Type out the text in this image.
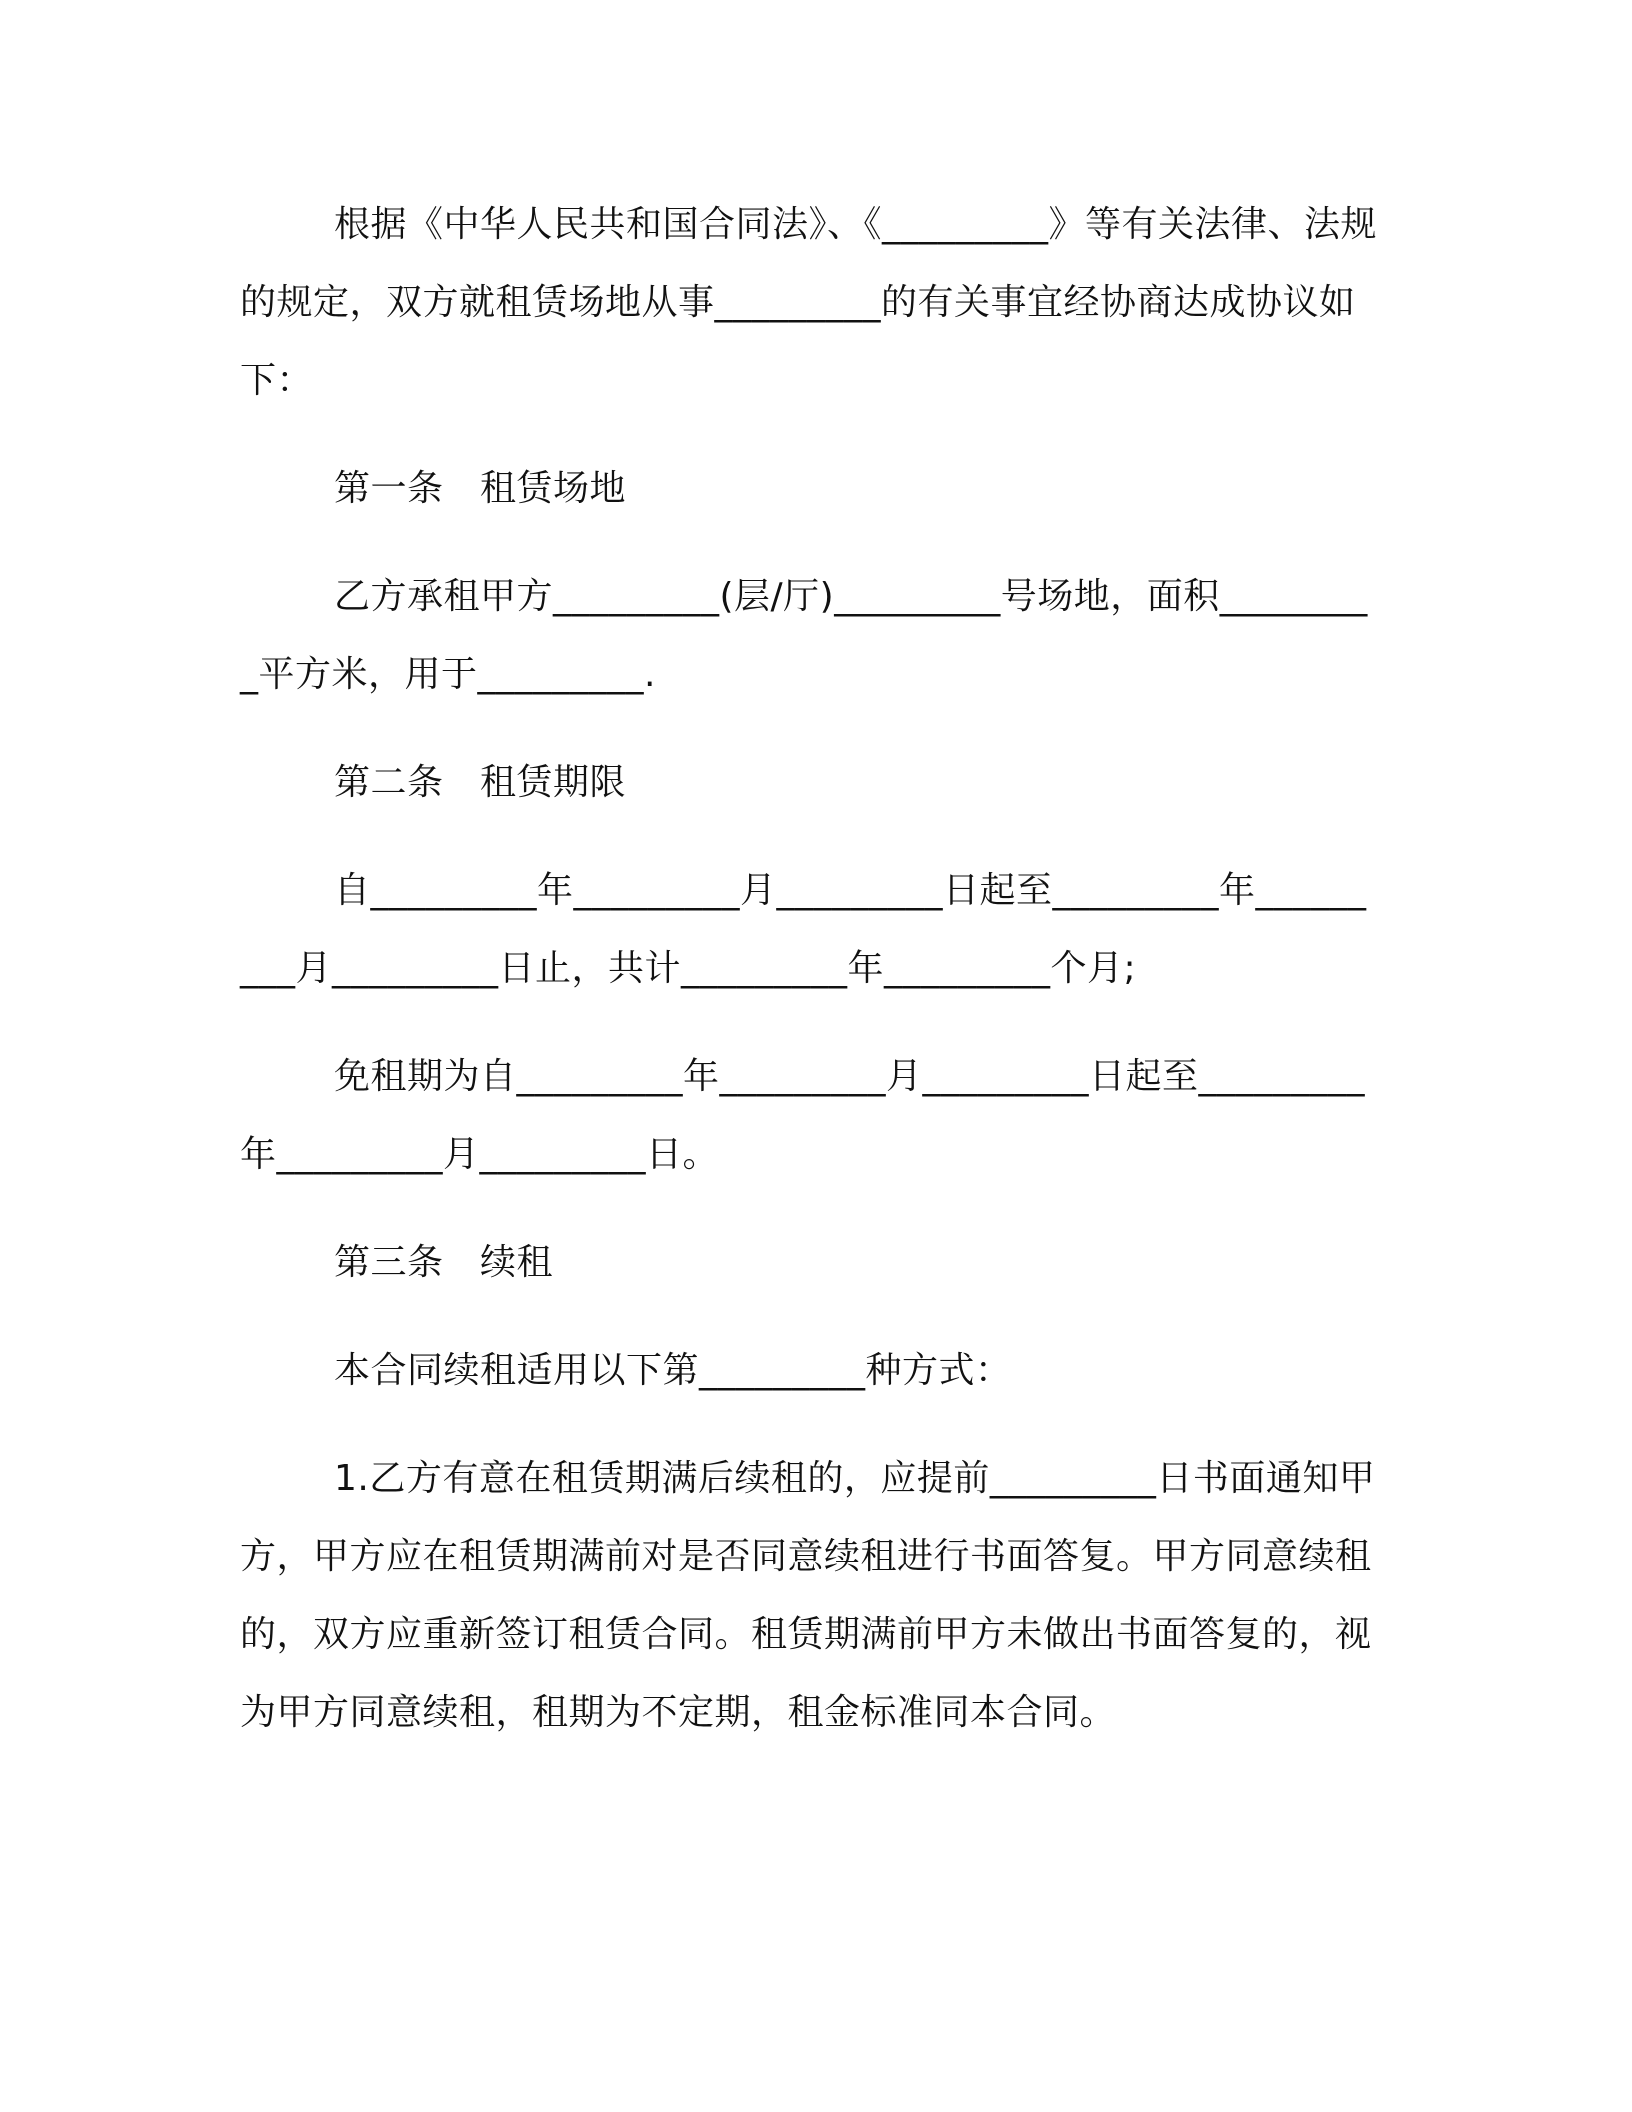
根据《中华人民共和国合同法》、《_________》等有关法律、法规的规定，双方就租赁场地从事_________的有关事宜经协商达成协议如下：

第一条　租赁场地

乙方承租甲方_________(层/厅)_________号场地，面积_________平方米，用于_________.

第二条　租赁期限

自_________年_________月_________日起至_________年_________月_________日止，共计_________年_________个月;

免租期为自_________年_________月_________日起至_________年_________月_________日。

第三条　续租

本合同续租适用以下第_________种方式：

1.乙方有意在租赁期满后续租的，应提前_________日书面通知甲方，甲方应在租赁期满前对是否同意续租进行书面答复。甲方同意续租的，双方应重新签订租赁合同。租赁期满前甲方未做出书面答复的，视为甲方同意续租，租期为不定期，租金标准同本合同。
